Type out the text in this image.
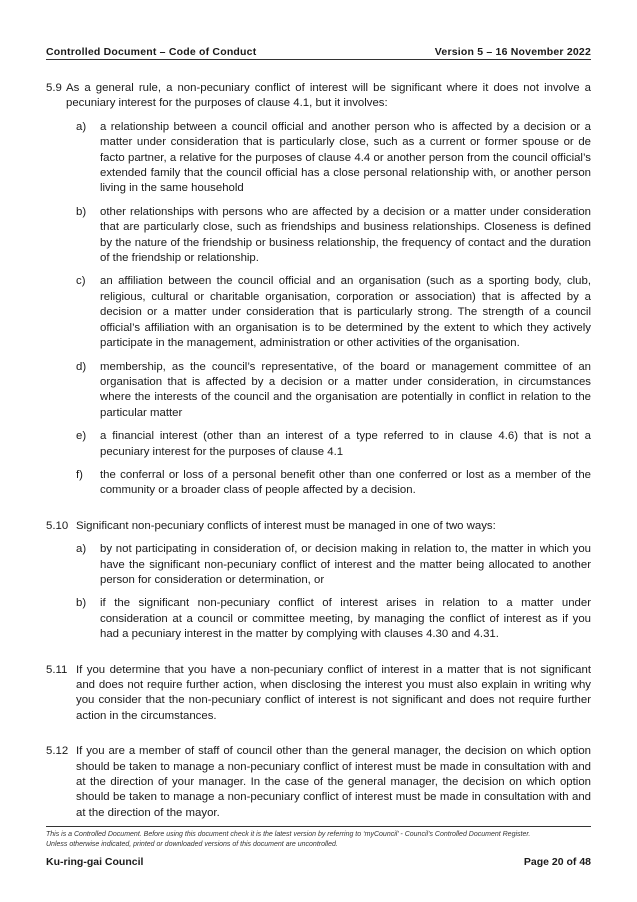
Controlled Document – Code of Conduct	Version 5 – 16 November 2022
5.9 As a general rule, a non-pecuniary conflict of interest will be significant where it does not involve a pecuniary interest for the purposes of clause 4.1, but it involves:

a)	a relationship between a council official and another person who is affected by a decision or a matter under consideration that is particularly close, such as a current or former spouse or de facto partner, a relative for the purposes of clause 4.4 or another person from the council official’s extended family that the council official has a close personal relationship with, or another person living in the same household
b)	other relationships with persons who are affected by a decision or a matter under consideration that are particularly close, such as friendships and business relationships. Closeness is defined by the nature of the friendship or business relationship, the frequency of contact and the duration of the friendship or relationship.
c)	an affiliation between the council official and an organisation (such as a sporting body, club, religious, cultural or charitable organisation, corporation or association) that is affected by a decision or a matter under consideration that is particularly strong. The strength of a council official’s affiliation with an organisation is to be determined by the extent to which they actively participate in the management, administration or other activities of the organisation.
d)	membership, as the council’s representative, of the board or management committee of an organisation that is affected by a decision or a matter under consideration, in circumstances where the interests of the council and the organisation are potentially in conflict in relation to the particular matter
e)	a financial interest (other than an interest of a type referred to in clause 4.6) that is not a pecuniary interest for the purposes of clause 4.1
f)	the conferral or loss of a personal benefit other than one conferred or lost as a member of the community or a broader class of people affected by a decision.
5.10 Significant non-pecuniary conflicts of interest must be managed in one of two ways:

a)	by not participating in consideration of, or decision making in relation to, the matter in which you have the significant non-pecuniary conflict of interest and the matter being allocated to another person for consideration or determination, or
b)	if the significant non-pecuniary conflict of interest arises in relation to a matter under consideration at a council or committee meeting, by managing the conflict of interest as if you had a pecuniary interest in the matter by complying with clauses 4.30 and 4.31.
5.11 If you determine that you have a non-pecuniary conflict of interest in a matter that is not significant and does not require further action, when disclosing the interest you must also explain in writing why you consider that the non-pecuniary conflict of interest is not significant and does not require further action in the circumstances.

5.12 If you are a member of staff of council other than the general manager, the decision on which option should be taken to manage a non-pecuniary conflict of interest must be made in consultation with and at the direction of your manager. In the case of the general manager, the decision on which option should be taken to manage a non-pecuniary conflict of interest must be made in consultation with and at the direction of the mayor.

This is a Controlled Document. Before using this document check it is the latest version by referring to ‘myCouncil’ - Council’s Controlled Document Register.
Unless otherwise indicated, printed or downloaded versions of this document are uncontrolled.
Ku-ring-gai Council	Page 20 of 48
